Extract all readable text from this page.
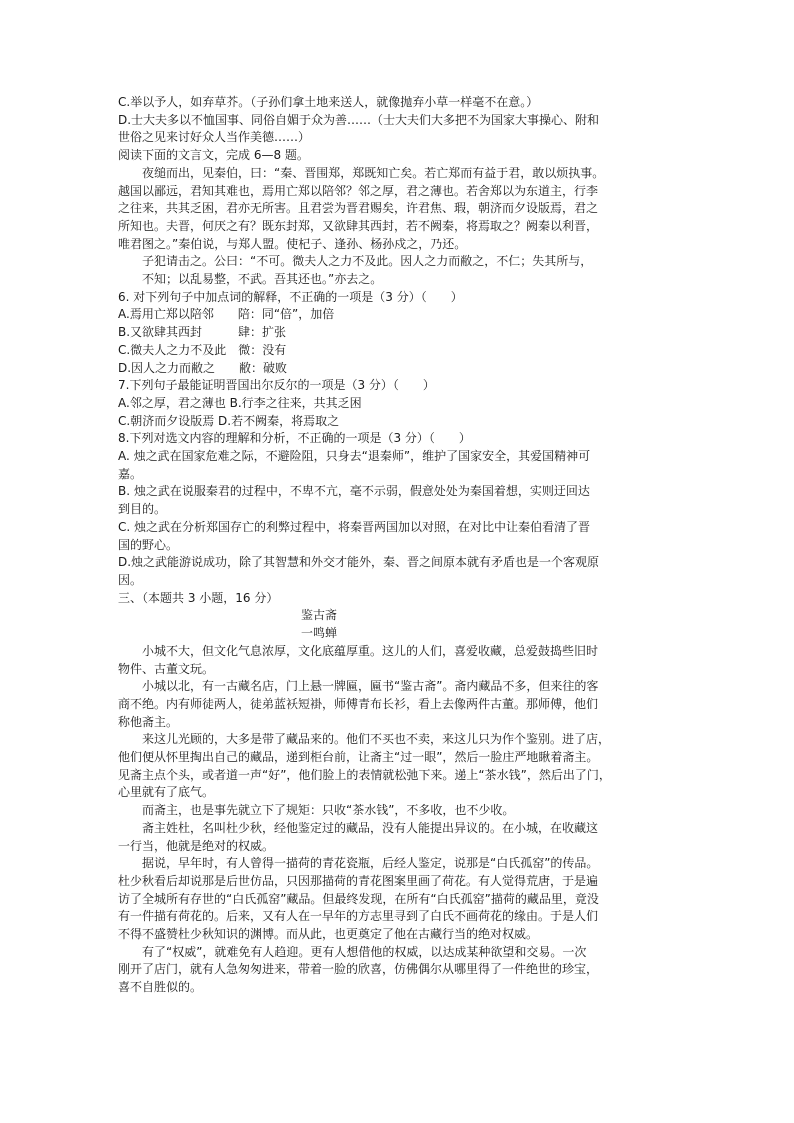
C.举以予人，如弃草芥。（子孙们拿土地来送人，就像抛弃小草一样毫不在意。）
D.士大夫多以不恤国事、同俗自媚于众为善……（士大夫们大多把不为国家大事操心、附和
世俗之见来讨好众人当作美德……）
阅读下面的文言文，完成 6—8 题。
夜缒而出，见秦伯，曰：“秦、晋围郑，郑既知亡矣。若亡郑而有益于君，敢以烦执事。
越国以鄙远，君知其难也，焉用亡郑以陪邻？邻之厚，君之薄也。若舍郑以为东道主，行李
之往来，共其乏困，君亦无所害。且君尝为晋君赐矣，许君焦、瑕，朝济而夕设版焉，君之
所知也。夫晋，何厌之有？既东封郑，又欲肆其西封，若不阙秦，将焉取之？阙秦以利晋，
唯君图之。”秦伯说，与郑人盟。使杞子、逢孙、杨孙戍之，乃还。
子犯请击之。公曰：“不可。微夫人之力不及此。因人之力而敝之，不仁；失其所与，
不知；以乱易整，不武。吾其还也。”亦去之。
6. 对下列句子中加点词的解释，不正确的一项是（3 分）（　　）
A.焉用亡郑以陪邻　　陪：同“倍”，加倍
B.又欲肆其西封　　　肆：扩张
C.微夫人之力不及此　微：没有
D.因人之力而敝之　　敝：破败
7.下列句子最能证明晋国出尔反尔的一项是（3 分）（　　）
A.邻之厚，君之薄也 B.行李之往来，共其乏困
C.朝济而夕设版焉 D.若不阙秦，将焉取之
8.下列对选文内容的理解和分析，不正确的一项是（3 分）（　　）
A. 烛之武在国家危难之际，不避险阻，只身去“退秦师”，维护了国家安全，其爱国精神可
嘉。
B. 烛之武在说服秦君的过程中，不卑不亢，毫不示弱，假意处处为秦国着想，实则迂回达
到目的。
C. 烛之武在分析郑国存亡的利弊过程中，将秦晋两国加以对照，在对比中让秦伯看清了晋
国的野心。
D.烛之武能游说成功，除了其智慧和外交才能外，秦、晋之间原本就有矛盾也是一个客观原
因。
三、（本题共 3 小题，16 分）
鉴古斋
一鸣蝉
小城不大，但文化气息浓厚，文化底蕴厚重。这儿的人们，喜爱收藏，总爱鼓捣些旧时
物件、古董文玩。
小城以北，有一古藏名店，门上悬一牌匾，匾书“鉴古斋”。斋内藏品不多，但来往的客
商不绝。内有师徒两人，徒弟蓝袄短褂，师傅青布长衫，看上去像两件古董。那师傅，他们
称他斋主。
来这儿光顾的，大多是带了藏品来的。他们不买也不卖，来这儿只为作个鉴别。进了店，
他们便从怀里掏出自己的藏品，递到柜台前，让斋主“过一眼”，然后一脸庄严地瞅着斋主。
见斋主点个头，或者道一声“好”，他们脸上的表情就松弛下来。递上“茶水钱”，然后出了门，
心里就有了底气。
而斋主，也是事先就立下了规矩：只收“茶水钱”，不多收，也不少收。
斋主姓杜，名叫杜少秋，经他鉴定过的藏品，没有人能提出异议的。在小城，在收藏这
一行当，他就是绝对的权威。
据说，早年时，有人曾得一描荷的青花瓷瓶，后经人鉴定，说那是“白氏孤窑”的传品。
杜少秋看后却说那是后世仿品，只因那描荷的青花图案里画了荷花。有人觉得荒唐，于是遍
访了全城所有存世的“白氏孤窑”藏品。但最终发现，在所有“白氏孤窑”描荷的藏品里，竟没
有一件描有荷花的。后来，又有人在一早年的方志里寻到了白氏不画荷花的缘由。于是人们
不得不盛赞杜少秋知识的渊博。而从此，也更奠定了他在古藏行当的绝对权威。
有了“权威”，就难免有人趋迎。更有人想借他的权威，以达成某种欲望和交易。一次
刚开了店门，就有人急匆匆进来，带着一脸的欣喜，仿佛偶尔从哪里得了一件绝世的珍宝，
喜不自胜似的。
